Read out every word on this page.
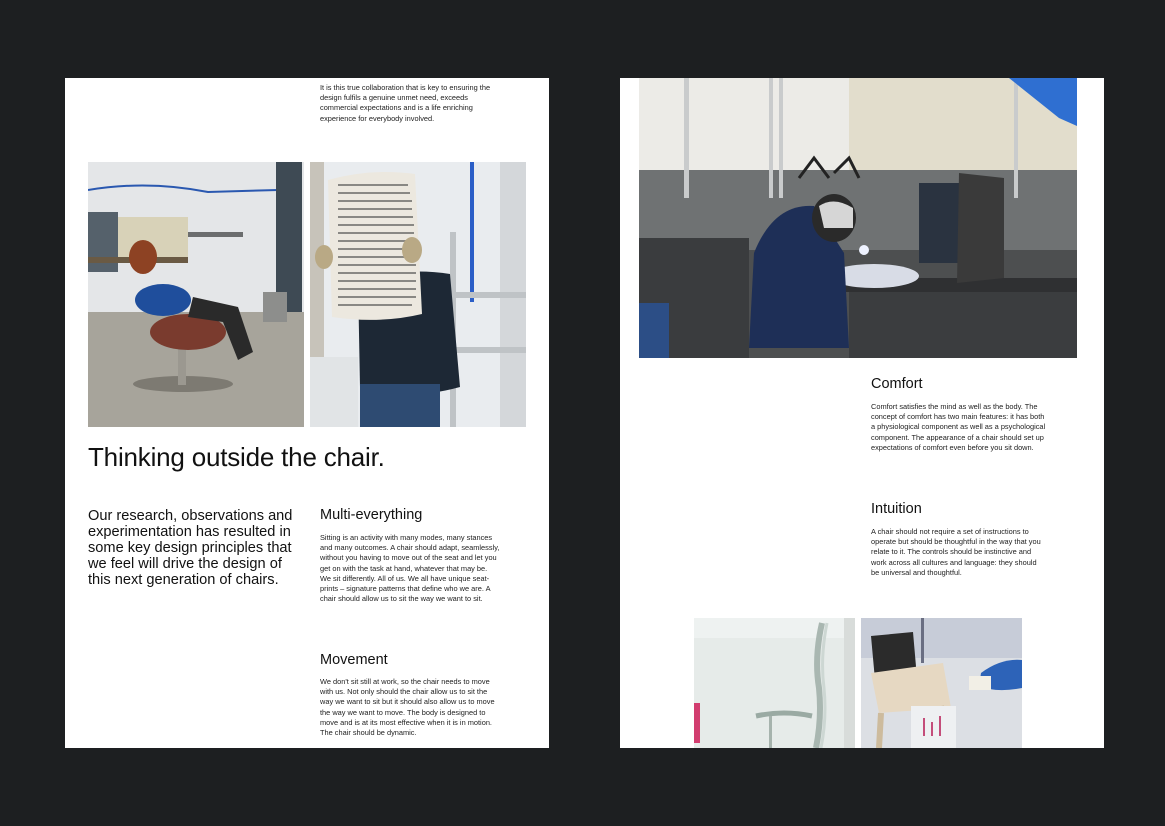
It is this true collaboration that is key to ensuring the design fulfils a genuine unmet need, exceeds commercial expectations and is a life enriching experience for everybody involved.

Thinking outside the chair.

Our research, observations and experimentation has resulted in some key design principles that we feel will drive the design of this next generation of chairs.

Multi-everything

Sitting is an activity with many modes, many stances and many outcomes. A chair should adapt, seamlessly, without you having to move out of the seat and let you get on with the task at hand, whatever that may be. We sit differently. All of us. We all have unique seat-prints – signature patterns that define who we are. A chair should allow us to sit the way we want to sit.

Movement

We don't sit still at work, so the chair needs to move with us. Not only should the chair allow us to sit the way we want to sit but it should also allow us to move the way we want to move. The body is designed to move and is at its most effective when it is in motion. The chair should be dynamic.

Comfort

Comfort satisfies the mind as well as the body. The concept of comfort has two main features: it has both a physiological component as well as a psychological component. The appearance of a chair should set up expectations of comfort even before you sit down.

Intuition

A chair should not require a set of instructions to operate but should be thoughtful in the way that you relate to it. The controls should be instinctive and work across all cultures and language: they should be universal and thoughtful.
